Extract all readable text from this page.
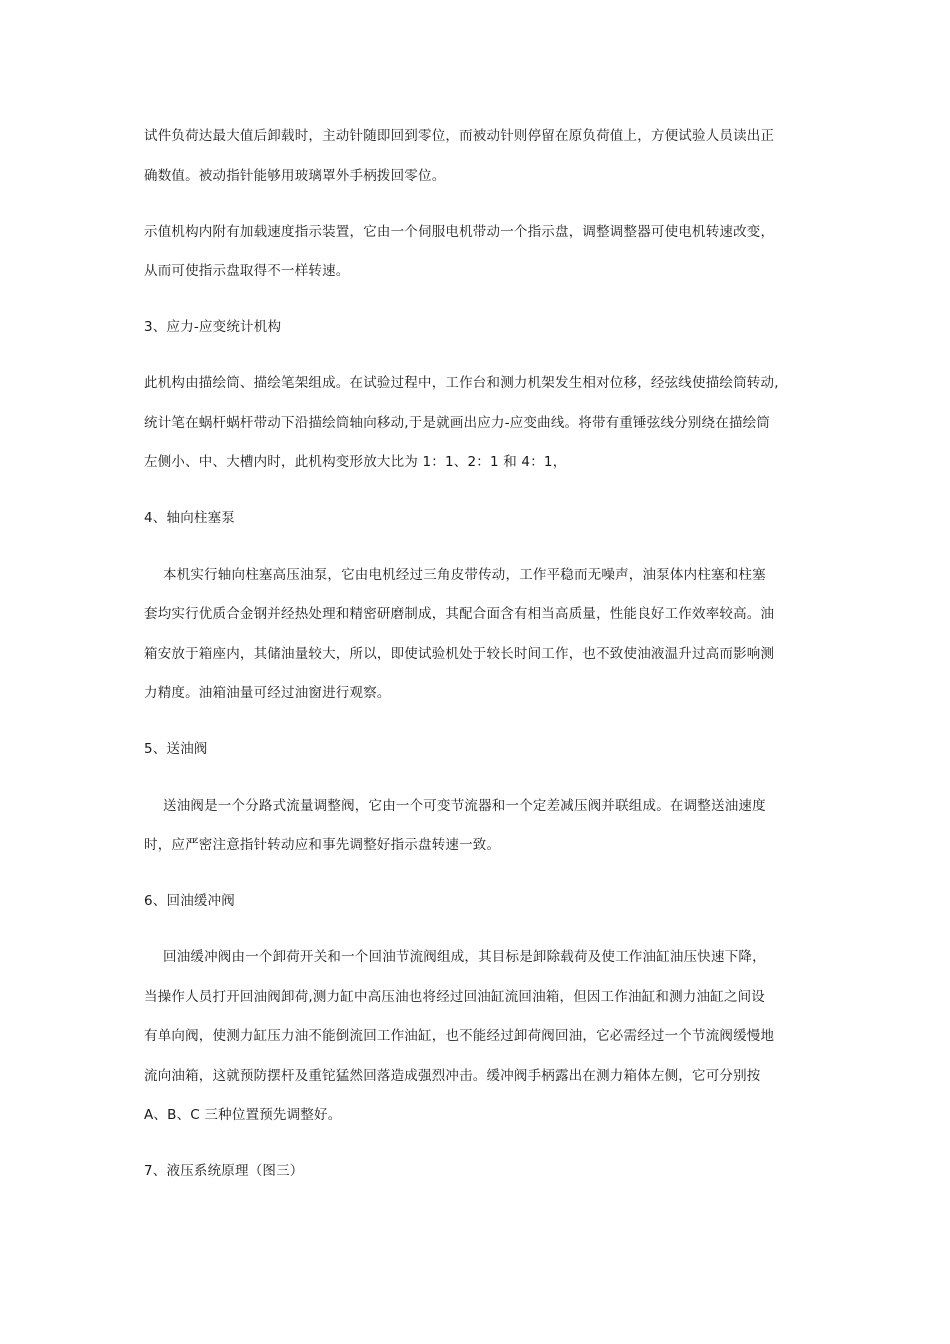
试件负荷达最大值后卸载时，主动针随即回到零位，而被动针则停留在原负荷值上，方便试验人员读出正
确数值。被动指针能够用玻璃罩外手柄拨回零位。
示值机构内附有加载速度指示装置，它由一个伺服电机带动一个指示盘，调整调整器可使电机转速改变，
从而可使指示盘取得不一样转速。
3、应力-应变统计机构
此机构由描绘筒、描绘笔架组成。在试验过程中，工作台和测力机架发生相对位移，经弦线使描绘筒转动,
统计笔在蜗杆蜗杆带动下沿描绘筒轴向移动,于是就画出应力-应变曲线。将带有重锤弦线分别绕在描绘筒
左侧小、中、大槽内时，此机构变形放大比为 1：1、2：1 和 4：1，
4、轴向柱塞泵
本机实行轴向柱塞高压油泵，它由电机经过三角皮带传动，工作平稳而无噪声，油泵体内柱塞和柱塞
套均实行优质合金钢并经热处理和精密研磨制成，其配合面含有相当高质量，性能良好工作效率较高。油
箱安放于箱座内，其储油量较大，所以，即使试验机处于较长时间工作，也不致使油液温升过高而影响测
力精度。油箱油量可经过油窗进行观察。
5、送油阀
送油阀是一个分路式流量调整阀，它由一个可变节流器和一个定差减压阀并联组成。在调整送油速度
时，应严密注意指针转动应和事先调整好指示盘转速一致。
6、回油缓冲阀
回油缓冲阀由一个卸荷开关和一个回油节流阀组成，其目标是卸除载荷及使工作油缸油压快速下降，
当操作人员打开回油阀卸荷,测力缸中高压油也将经过回油缸流回油箱，但因工作油缸和测力油缸之间设
有单向阀，使测力缸压力油不能倒流回工作油缸，也不能经过卸荷阀回油，它必需经过一个节流阀缓慢地
流向油箱，这就预防摆杆及重铊猛然回落造成强烈冲击。缓冲阀手柄露出在测力箱体左侧，它可分别按
A、B、C 三种位置预先调整好。
7、液压系统原理（图三）
